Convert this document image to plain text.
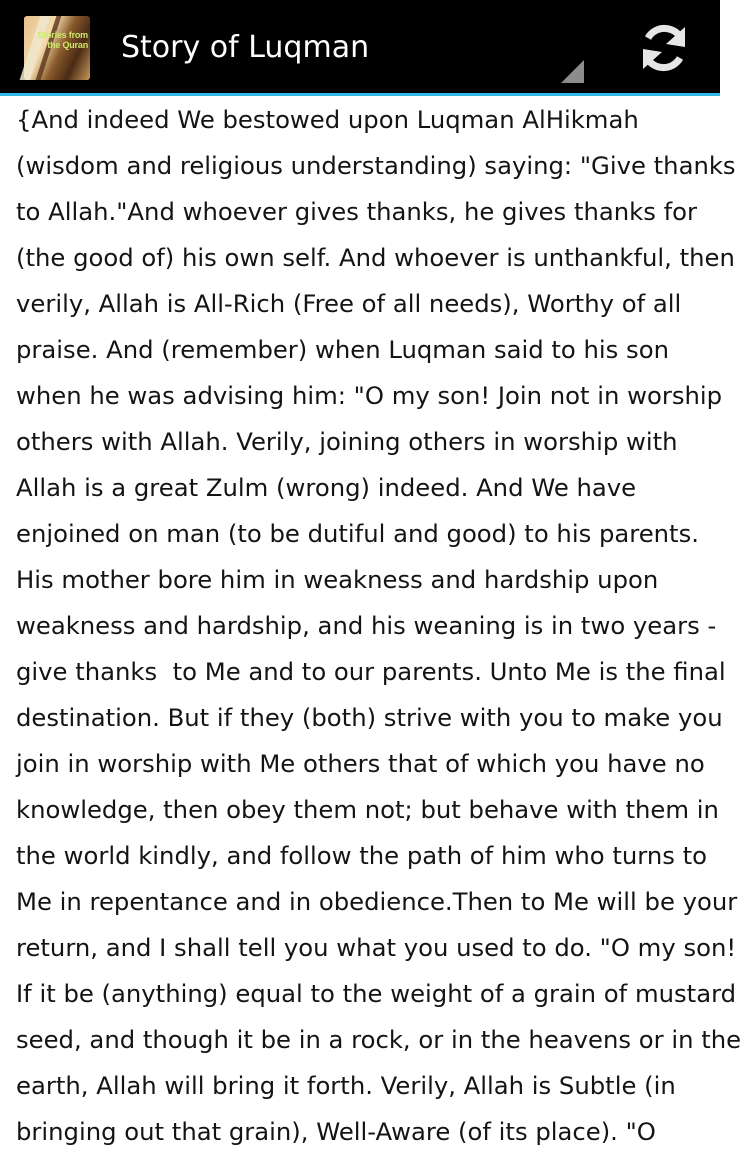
Stories from
the Quran Story of Luqman
{And indeed We bestowed upon Luqman AlHikmah
(wisdom and religious understanding) saying: "Give thanks
to Allah."And whoever gives thanks, he gives thanks for
(the good of) his own self. And whoever is unthankful, then
verily, Allah is All-Rich (Free of all needs), Worthy of all
praise. And (remember) when Luqman said to his son
when he was advising him: "O my son! Join not in worship
others with Allah. Verily, joining others in worship with
Allah is a great Zulm (wrong) indeed. And We have
enjoined on man (to be dutiful and good) to his parents.
His mother bore him in weakness and hardship upon
weakness and hardship, and his weaning is in two years -
give thanks  to Me and to our parents. Unto Me is the final
destination. But if they (both) strive with you to make you
join in worship with Me others that of which you have no
knowledge, then obey them not; but behave with them in
the world kindly, and follow the path of him who turns to
Me in repentance and in obedience.Then to Me will be your
return, and I shall tell you what you used to do. "O my son!
If it be (anything) equal to the weight of a grain of mustard
seed, and though it be in a rock, or in the heavens or in the
earth, Allah will bring it forth. Verily, Allah is Subtle (in
bringing out that grain), Well-Aware (of its place). "O
